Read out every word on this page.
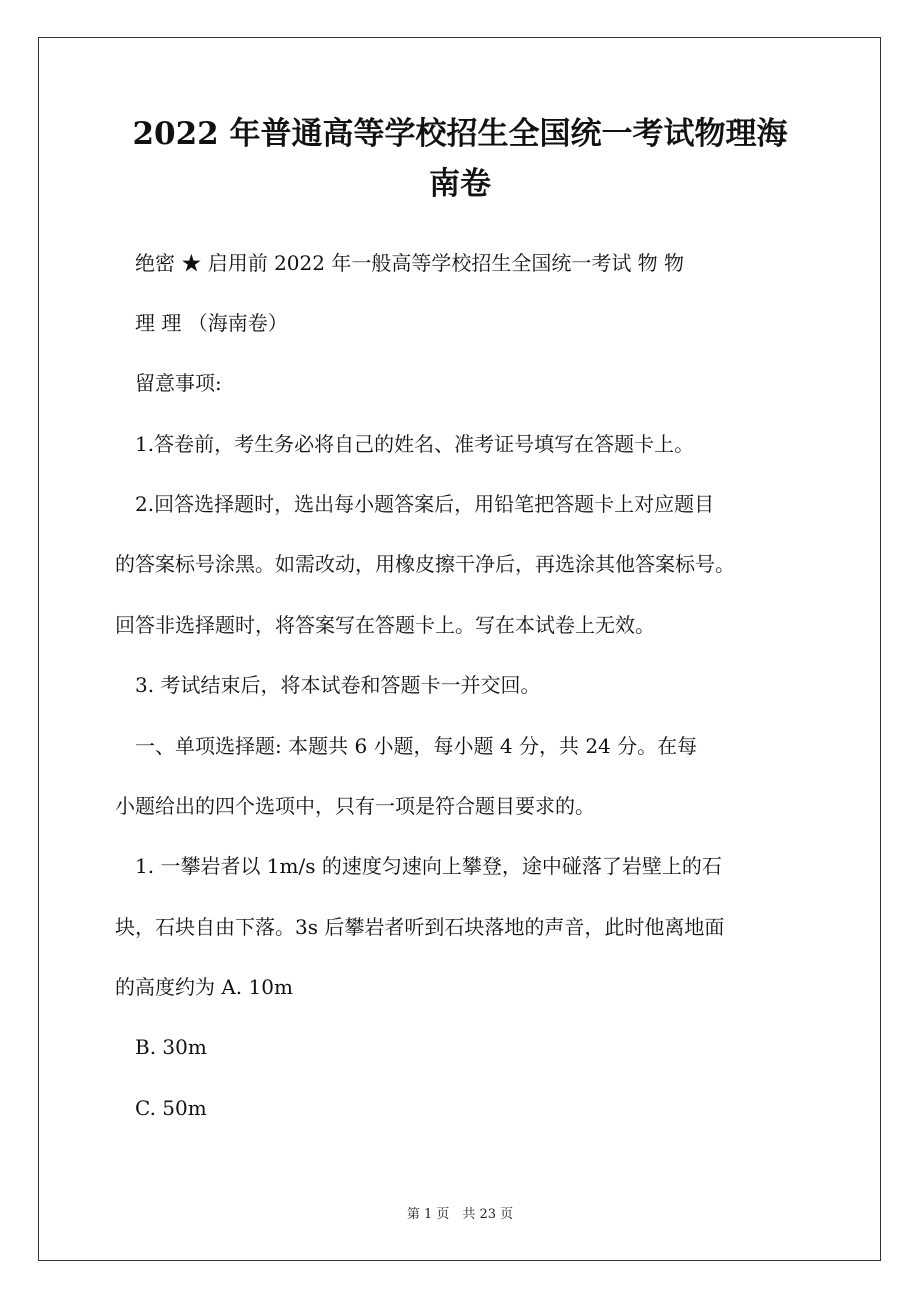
2022 年普通高等学校招生全国统一考试物理海
南卷

　绝密 ★ 启用前 2022 年一般高等学校招生全国统一考试 物 物

　理 理 （海南卷）

　留意事项:

　1.答卷前，考生务必将自己的姓名、准考证号填写在答题卡上。

　2.回答选择题时，选出每小题答案后，用铅笔把答题卡上对应题目

的答案标号涂黑。如需改动，用橡皮擦干净后，再选涂其他答案标号。

回答非选择题时，将答案写在答题卡上。写在本试卷上无效。

　3. 考试结束后，将本试卷和答题卡一并交回。

　一、单项选择题: 本题共 6 小题，每小题 4 分，共 24 分。在每

小题给出的四个选项中，只有一项是符合题目要求的。

　1. 一攀岩者以 1m/s 的速度匀速向上攀登，途中碰落了岩壁上的石

块，石块自由下落。3s 后攀岩者听到石块落地的声音，此时他离地面

的高度约为 A. 10m

　B. 30m

　C. 50m

第 1 页　共 23 页
